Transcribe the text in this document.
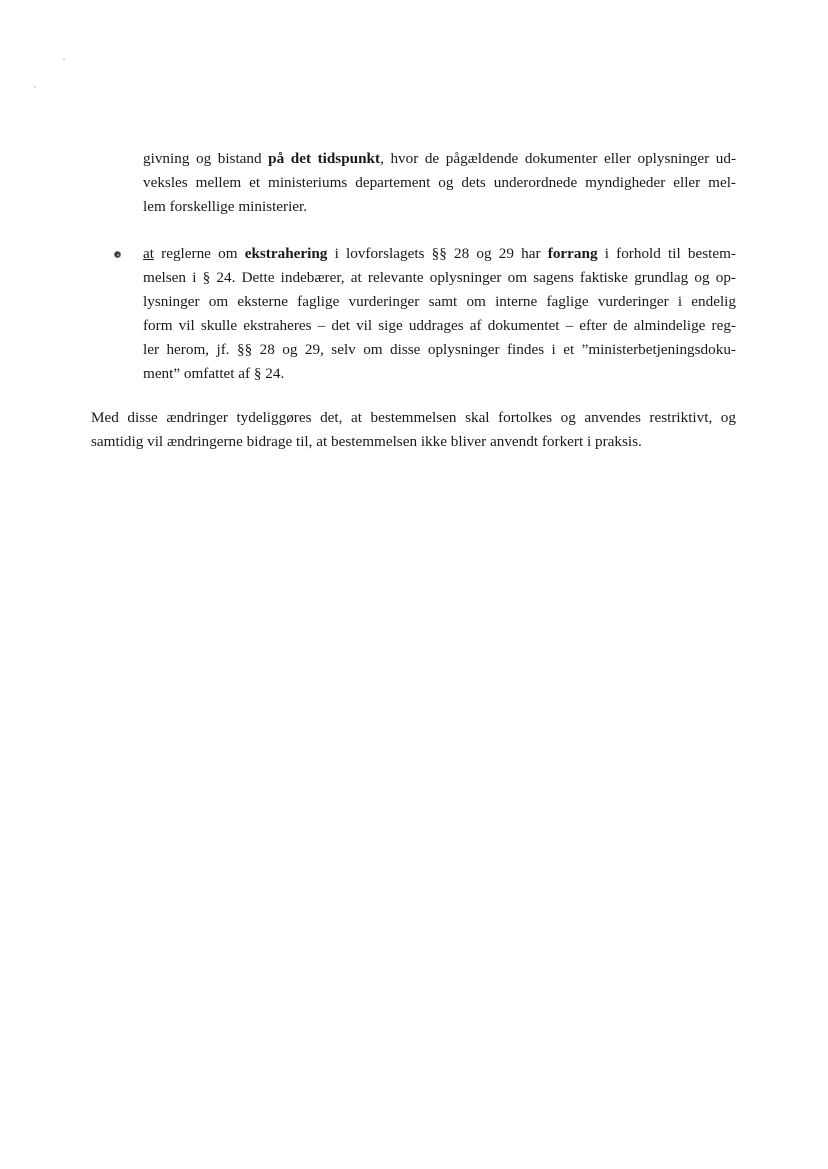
givning og bistand på det tidspunkt, hvor de pågældende dokumenter eller oplysninger ud-
veksles mellem et ministeriums departement og dets underordnede myndigheder eller mel-
lem forskellige ministerier.
at reglerne om ekstrahering i lovforslagets §§ 28 og 29 har forrang i forhold til bestem-
melsen i § 24. Dette indebærer, at relevante oplysninger om sagens faktiske grundlag og op-
lysninger om eksterne faglige vurderinger samt om interne faglige vurderinger i endelig
form vil skulle ekstraheres – det vil sige uddrages af dokumentet – efter de almindelige reg-
ler herom, jf. §§ 28 og 29, selv om disse oplysninger findes i et ”ministerbetjeningsdoku-
ment” omfattet af § 24.
Med disse ændringer tydeliggøres det, at bestemmelsen skal fortolkes og anvendes restriktivt, og
samtidig vil ændringerne bidrage til, at bestemmelsen ikke bliver anvendt forkert i praksis.
